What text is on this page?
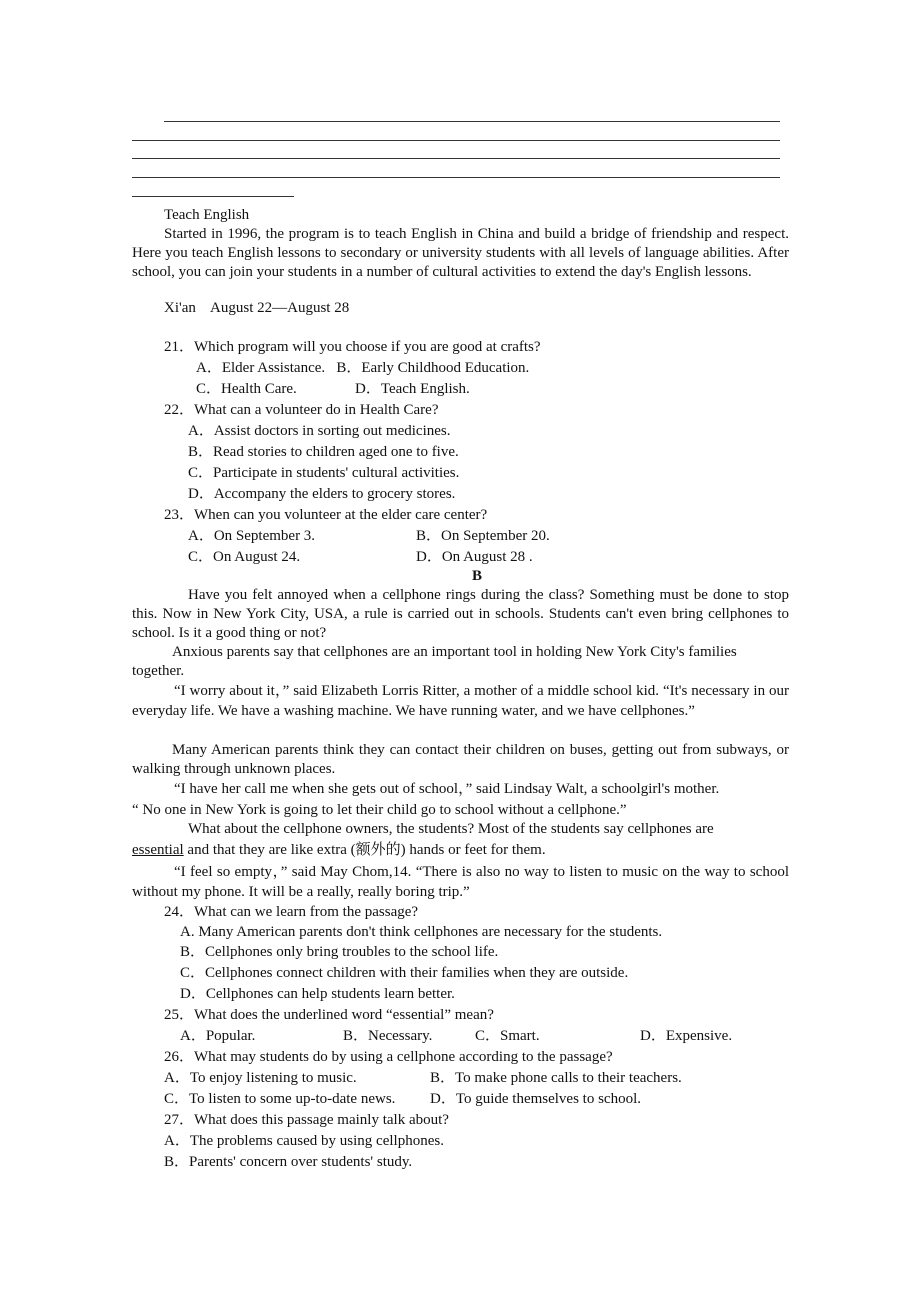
Teach English
Started in 1996, the program is to teach English in China and build a bridge of friendship and respect. Here you teach English lessons to secondary or university students with all levels of language abilities. After school, you can join your students in a number of cultural activities to extend the day's English lessons.
Xi'an    August 22—August 28
21．Which program will you choose if you are good at crafts?
A．Elder Assistance.   B．Early Childhood Education.
C．Health Care.	D．Teach English.
22．What can a volunteer do in Health Care?
A．Assist doctors in sorting out medicines.
B．Read stories to children aged one to five.
C．Participate in students' cultural activities.
D．Accompany the elders to grocery stores.
23．When can you volunteer at the elder care center?
A．On September 3.	B．On September 20.
C．On August 24.	D．On August 28 .
B
Have you felt annoyed when a cellphone rings during the class? Something must be done to stop this. Now in New York City, USA, a rule is carried out in schools. Students can't even bring cellphones to school. Is it a good thing or not?
Anxious parents say that cellphones are an important tool in holding New York City's families
together.
“I worry about it，” said Elizabeth Lorris Ritter, a mother of a middle school kid. “It's necessary in our everyday life. We have a washing machine. We have running water, and we have cellphones.”
Many American parents think they can contact their children on buses, getting out from subways, or walking through unknown places.
“I have her call me when she gets out of school，” said Lindsay Walt, a schoolgirl's mother.
“ No one in New York is going to let their child go to school without a cellphone.”
What about the cellphone owners, the students? Most of the students say cellphones are
essential and that they are like extra (额外的) hands or feet for them.
“I feel so empty，” said May Chom,14. “There is also no way to listen to music on the way to school without my phone. It will be a really, really boring trip.”
24．What can we learn from the passage?
A. Many American parents don't think cellphones are necessary for the students.
B．Cellphones only bring troubles to the school life.
C．Cellphones connect children with their families when they are outside.
D．Cellphones can help students learn better.
25．What does the underlined word “essential” mean?
A．Popular.	B．Necessary.	C．Smart.	D．Expensive.
26．What may students do by using a cellphone according to the passage?
A．To enjoy listening to music.	B．To make phone calls to their teachers.
C．To listen to some up-to-date news. D．To guide themselves to school.
27．What does this passage mainly talk about?
A．The problems caused by using cellphones.
B．Parents' concern over students' study.
